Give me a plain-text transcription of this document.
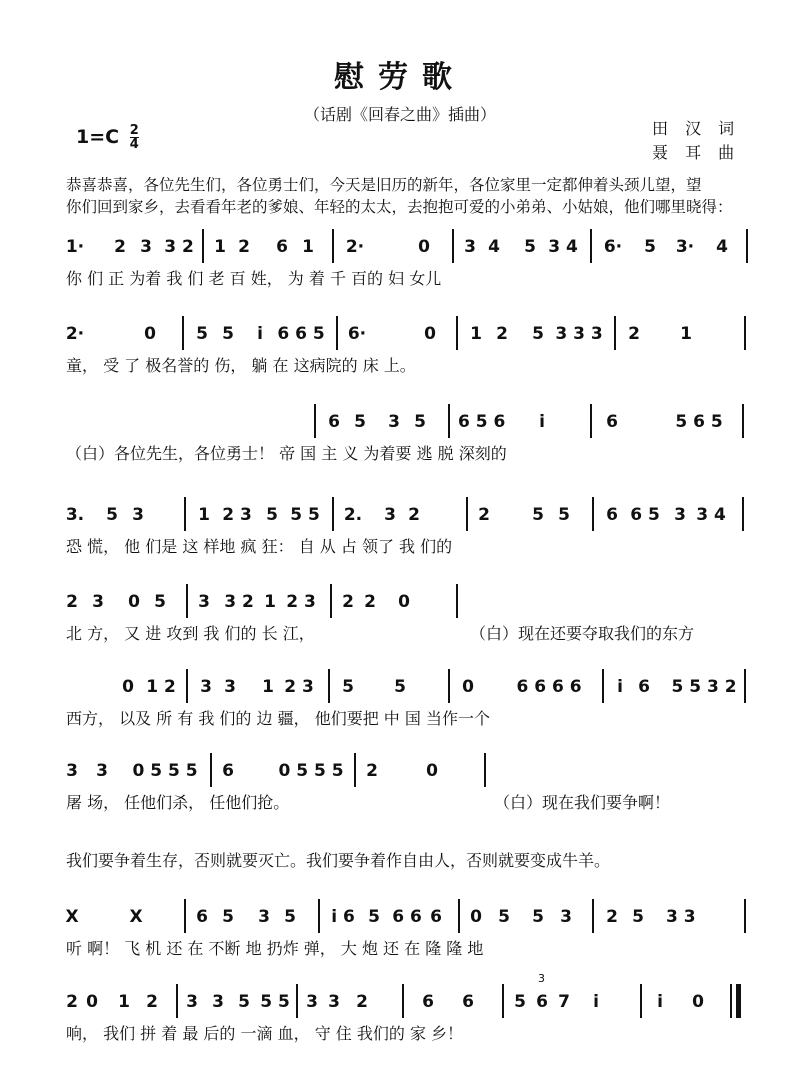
慰劳歌
（话剧《回春之曲》插曲）
田 汉 词
聂 耳 曲
$1=C \frac{2}{4}$
恭喜恭喜，各位先生们，各位勇士们，今天是旧历的新年，各位家里一定都伸着头颈儿望，望
你们回到家乡，去看看年老的爹娘、年轻的太太，去抱抱可爱的小弟弟、小姑娘，他们哪里晓得：
1· 2 3 3 2 1 2 6 1 2·	0 3 4 5 3 4 6· 5 3· 4
你 们 正 为着 我 们 老 百 姓， 为 着 千 百的 妇 女儿
2·	0 5 5	i 6 6 5 6·	0 1 2 5 3 3 3 2 1
童， 受 了 极名誉的 伤， 躺 在 这病院的 床 上。
6 5 3 5 6 5 6	i	6	5 6 5
（白）各位先生，各位勇士！ 帝 国 主 义 为着要 逃 脱 深刻的
3. 5 3	1 2 3 5 5 5 2. 3 2	2 5 5 6 6 5 3 3 4
恐 慌， 他 们是 这 样地 疯 狂： 自 从 占 领了 我 们的
2 3 0 5 3 3 2 1 2 3 2 2 0
北 方， 又 进 攻到 我 们的 长 江，	（白）现在还要夺取我们的东方
0 1 2 3 3 1 2 3 5 5	0	6 6 6 6	i 6 5 5 3 2
西方， 以及 所 有 我 们的 边 疆， 他们要把 中 国 当作一个
3 3 0 5 5 5 6	0 5 5 5 2	0
屠 场， 任他们杀， 任他们抢。	（白）现在我们要争啊！
我们要争着生存，否则就要灭亡。我们要争着作自由人，否则就要变成牛羊。
X	X	6 5 3 5	i 6 5 6 6 6 0 5 5 3 2 5 3 3
听 啊！ 飞 机 还 在 不断 地 扔炸 弹， 大 炮 还 在 隆 隆 地
2 0 1 2 3 3 5 5 5 3 3 2	6 6
3
5 6 7	i	i	0
响， 我们 拼 着 最 后的 一滴 血， 守 住 我们的 家 乡！
